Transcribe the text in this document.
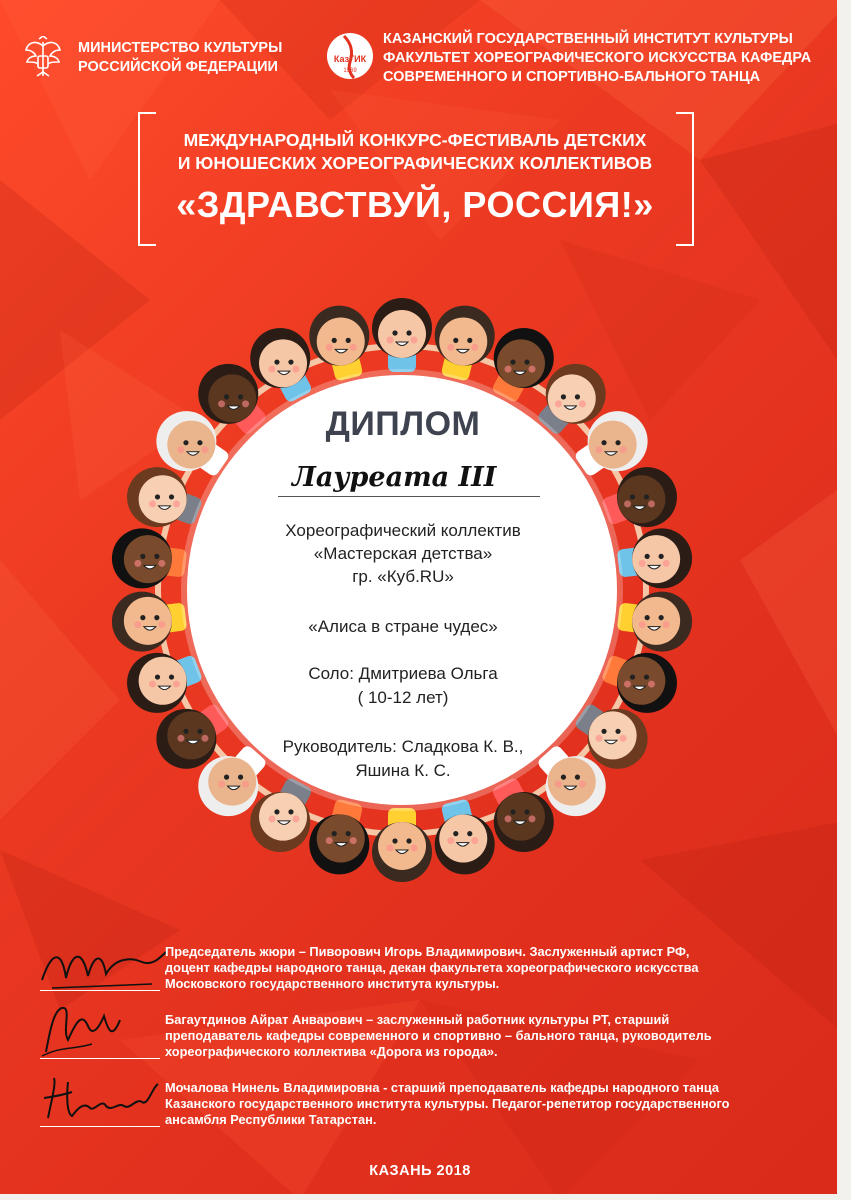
МИНИСТЕРСТВО КУЛЬТУРЫ
РОССИЙСКОЙ ФЕДЕРАЦИИ	КазГИК
1969
КАЗАНСКИЙ ГОСУДАРСТВЕННЫЙ ИНСТИТУТ КУЛЬТУРЫ
ФАКУЛЬТЕТ ХОРЕОГРАФИЧЕСКОГО ИСКУССТВА КАФЕДРА
СОВРЕМЕННОГО И СПОРТИВНО-БАЛЬНОГО ТАНЦА
МЕЖДУНАРОДНЫЙ КОНКУРС-ФЕСТИВАЛЬ ДЕТСКИХ
И ЮНОШЕСКИХ ХОРЕОГРАФИЧЕСКИХ КОЛЛЕКТИВОВ
«ЗДРАВСТВУЙ, РОССИЯ!»
ДИПЛОМ
Лауреата III
Хореографический коллектив
«Мастерская детства»
гр. «Куб.RU»
«Алиса в стране чудес»
Соло: Дмитриева Ольга
( 10-12 лет)
Руководитель: Сладкова К. В.,
Яшина К. С.
Председатель жюри – Пиворович Игорь Владимирович. Заслуженный артист РФ,
доцент кафедры народного танца, декан факультета хореографического искусства
Московского государственного института культуры.
Багаутдинов Айрат Анварович – заслуженный работник культуры РТ, старший
преподаватель кафедры современного и спортивно – бального танца, руководитель
хореографического коллектива «Дорога из города».
Мочалова Нинель Владимировна - старший преподаватель кафедры народного танца
Казанского государственного института культуры. Педагог-репетитор государственного
ансамбля Республики Татарстан.
КАЗАНЬ 2018
